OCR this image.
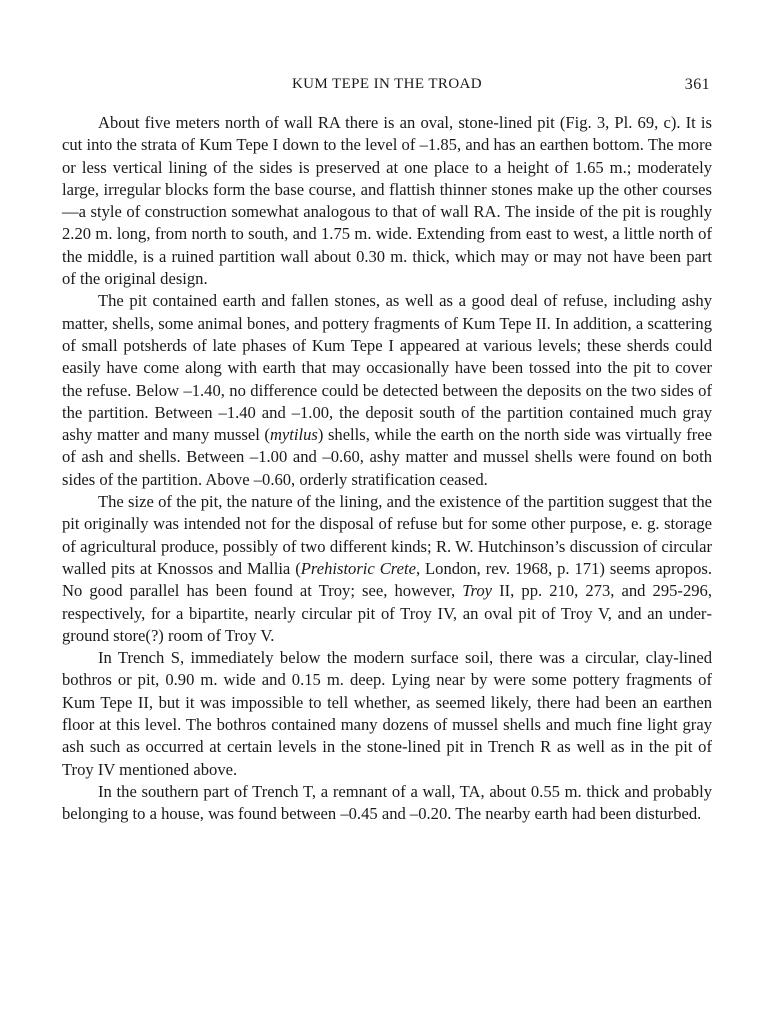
KUM TEPE IN THE TROAD	361

About five meters north of wall RA there is an oval, stone-lined pit (Fig. 3, Pl. 69, c). It is cut into the strata of Kum Tepe I down to the level of –1.85, and has an earthen bottom. The more or less vertical lining of the sides is preserved at one place to a height of 1.65 m.; moderately large, irregular blocks form the base course, and flattish thinner stones make up the other courses—a style of construction somewhat analogous to that of wall RA. The inside of the pit is roughly 2.20 m. long, from north to south, and 1.75 m. wide. Extending from east to west, a little north of the middle, is a ruined partition wall about 0.30 m. thick, which may or may not have been part of the original design.

The pit contained earth and fallen stones, as well as a good deal of refuse, including ashy matter, shells, some animal bones, and pottery fragments of Kum Tepe II. In addition, a scattering of small potsherds of late phases of Kum Tepe I appeared at various levels; these sherds could easily have come along with earth that may occasionally have been tossed into the pit to cover the refuse. Below –1.40, no difference could be detected between the deposits on the two sides of the partition. Between –1.40 and –1.00, the deposit south of the partition contained much gray ashy matter and many mussel (mytilus) shells, while the earth on the north side was virtually free of ash and shells. Between –1.00 and –0.60, ashy matter and mussel shells were found on both sides of the partition. Above –0.60, orderly stratification ceased.

The size of the pit, the nature of the lining, and the existence of the partition suggest that the pit originally was intended not for the disposal of refuse but for some other purpose, e. g. storage of agricultural produce, possibly of two different kinds; R. W. Hutchinson’s discussion of circular walled pits at Knossos and Mallia (Prehistoric Crete, London, rev. 1968, p. 171) seems apropos. No good parallel has been found at Troy; see, however, Troy II, pp. 210, 273, and 295-296, respectively, for a bipartite, nearly circular pit of Troy IV, an oval pit of Troy V, and an underground store(?) room of Troy V.

In Trench S, immediately below the modern surface soil, there was a circular, clay-lined bothros or pit, 0.90 m. wide and 0.15 m. deep. Lying near by were some pottery fragments of Kum Tepe II, but it was impossible to tell whether, as seemed likely, there had been an earthen floor at this level. The bothros contained many dozens of mussel shells and much fine light gray ash such as occurred at certain levels in the stone-lined pit in Trench R as well as in the pit of Troy IV mentioned above.

In the southern part of Trench T, a remnant of a wall, TA, about 0.55 m. thick and probably belonging to a house, was found between –0.45 and –0.20. The nearby earth had been disturbed.
